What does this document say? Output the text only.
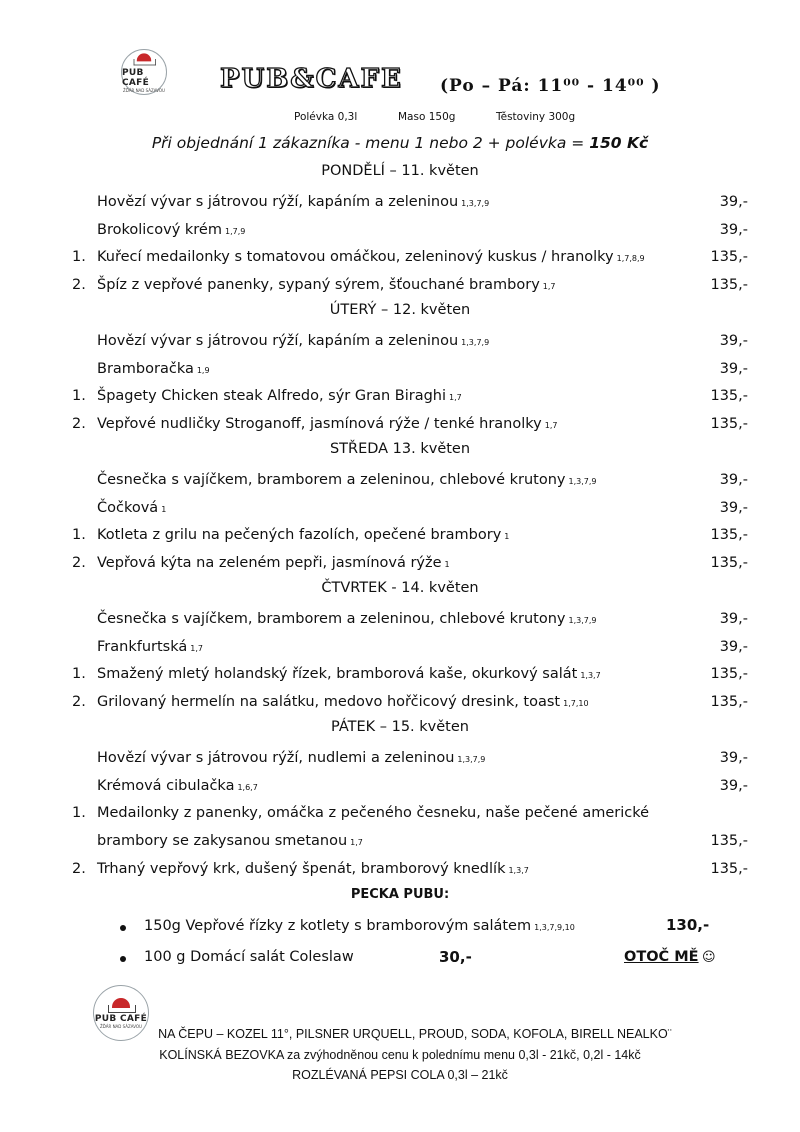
PUB CAFÉ
ŽĎÁR NAD SÁZAVOU PUB&CAFE (Po – Pá: 11⁰⁰ - 14⁰⁰ )
Polévka 0,3l	Maso 150g	Těstoviny 300g
Při objednání 1 zákazníka - menu 1 nebo 2 + polévka = 150 Kč
PONDĚLÍ – 11. květen
Hovězí vývar s játrovou rýží, kapáním a zeleninou 1,3,7,9	39,-
Brokolicový krém 1,7,9	39,-
1. Kuřecí medailonky s tomatovou omáčkou, zeleninový kuskus / hranolky 1,7,8,9	135,-
2. Špíz z vepřové panenky, sypaný sýrem, šťouchané brambory 1,7	135,-
ÚTERÝ – 12. květen
Hovězí vývar s játrovou rýží, kapáním a zeleninou 1,3,7,9	39,-
Bramboračka 1,9	39,-
1. Špagety Chicken steak Alfredo, sýr Gran Biraghi 1,7	135,-
2. Vepřové nudličky Stroganoff, jasmínová rýže / tenké hranolky 1,7	135,-
STŘEDA 13. květen
Česnečka s vajíčkem, bramborem a zeleninou, chlebové krutony 1,3,7,9	39,-
Čočková 1	39,-
1. Kotleta z grilu na pečených fazolích, opečené brambory 1	135,-
2. Vepřová kýta na zeleném pepři, jasmínová rýže 1	135,-
ČTVRTEK - 14. květen
Česnečka s vajíčkem, bramborem a zeleninou, chlebové krutony 1,3,7,9	39,-
Frankfurtská 1,7	39,-
1. Smažený mletý holandský řízek, bramborová kaše, okurkový salát 1,3,7	135,-
2. Grilovaný hermelín na salátku, medovo hořčicový dresink, toast 1,7,10	135,-
PÁTEK – 15. květen
Hovězí vývar s játrovou rýží, nudlemi a zeleninou 1,3,7,9	39,-
Krémová cibulačka 1,6,7	39,-
1. Medailonky z panenky, omáčka z pečeného česneku, naše pečené americké
brambory se zakysanou smetanou 1,7	135,-
2. Trhaný vepřový krk, dušený špenát, bramborový knedlík 1,3,7	135,-
PECKA PUBU:
150g Vepřové řízky z kotlety s bramborovým salátem 1,3,7,9,10	130,-
100 g Domácí salát Coleslaw	30,-	OTOČ MĚ ☺
PUB CAFÉ
ŽĎÁR NAD SÁZAVOU
NA ČEPU – KOZEL 11°, PILSNER URQUELL, PROUD, SODA, KOFOLA, BIRELL NEALKO¨
KOLÍNSKÁ BEZOVKA za zvýhodněnou cenu k polednímu menu 0,3l - 21kč, 0,2l - 14kč
ROZLÉVANÁ PEPSI COLA 0,3l – 21kč
